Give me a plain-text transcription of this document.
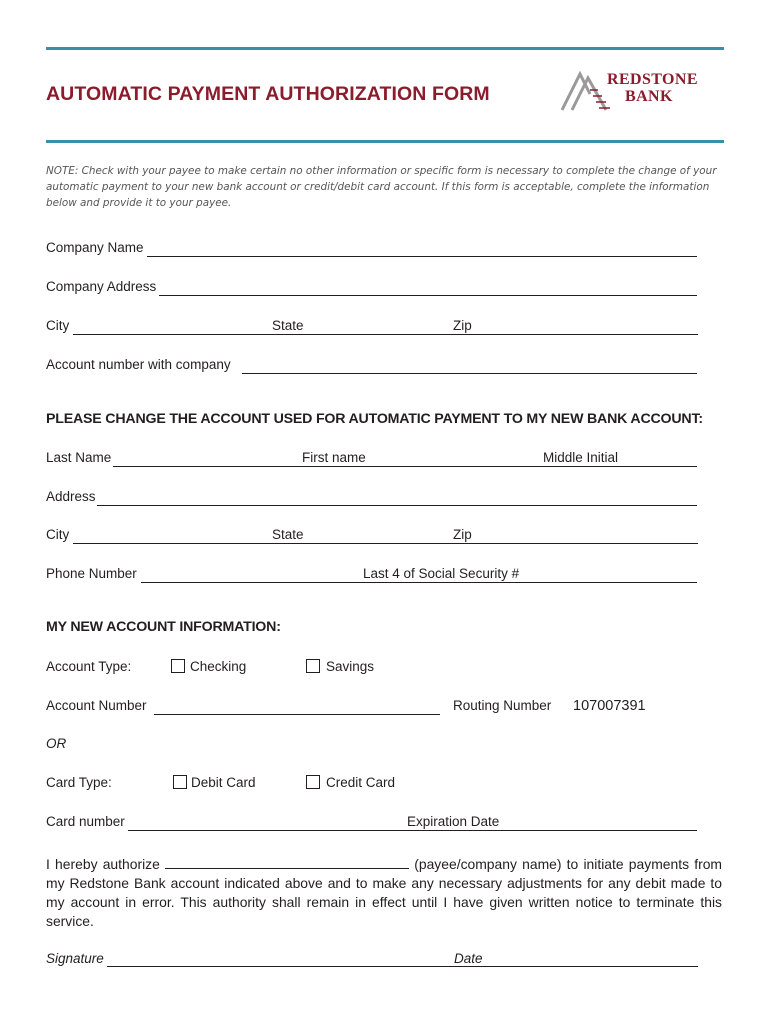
AUTOMATIC PAYMENT AUTHORIZATION FORM
REDSTONE
BANK
NOTE: Check with your payee to make certain no other information or specific form is necessary to complete the change of your automatic payment to your new bank account or credit/debit card account. If this form is acceptable, complete the information below and provide it to your payee.
Company Name
Company Address
City	State	Zip
Account number with company
PLEASE CHANGE THE ACCOUNT USED FOR AUTOMATIC PAYMENT TO MY NEW BANK ACCOUNT:
Last Name	First name	Middle Initial
Address
City	State	Zip
Phone Number	Last 4 of Social Security #
MY NEW ACCOUNT INFORMATION:
Account Type:	Checking	Savings
Account Number	Routing Number 107007391
OR
Card Type:	Debit Card	Credit Card
Card number	Expiration Date
I hereby authorize	(payee/company name) to initiate payments from my Redstone Bank account indicated above and to make any necessary adjustments for any debit made to my account in error. This authority shall remain in effect until I have given written notice to terminate this service.
Signature	Date
